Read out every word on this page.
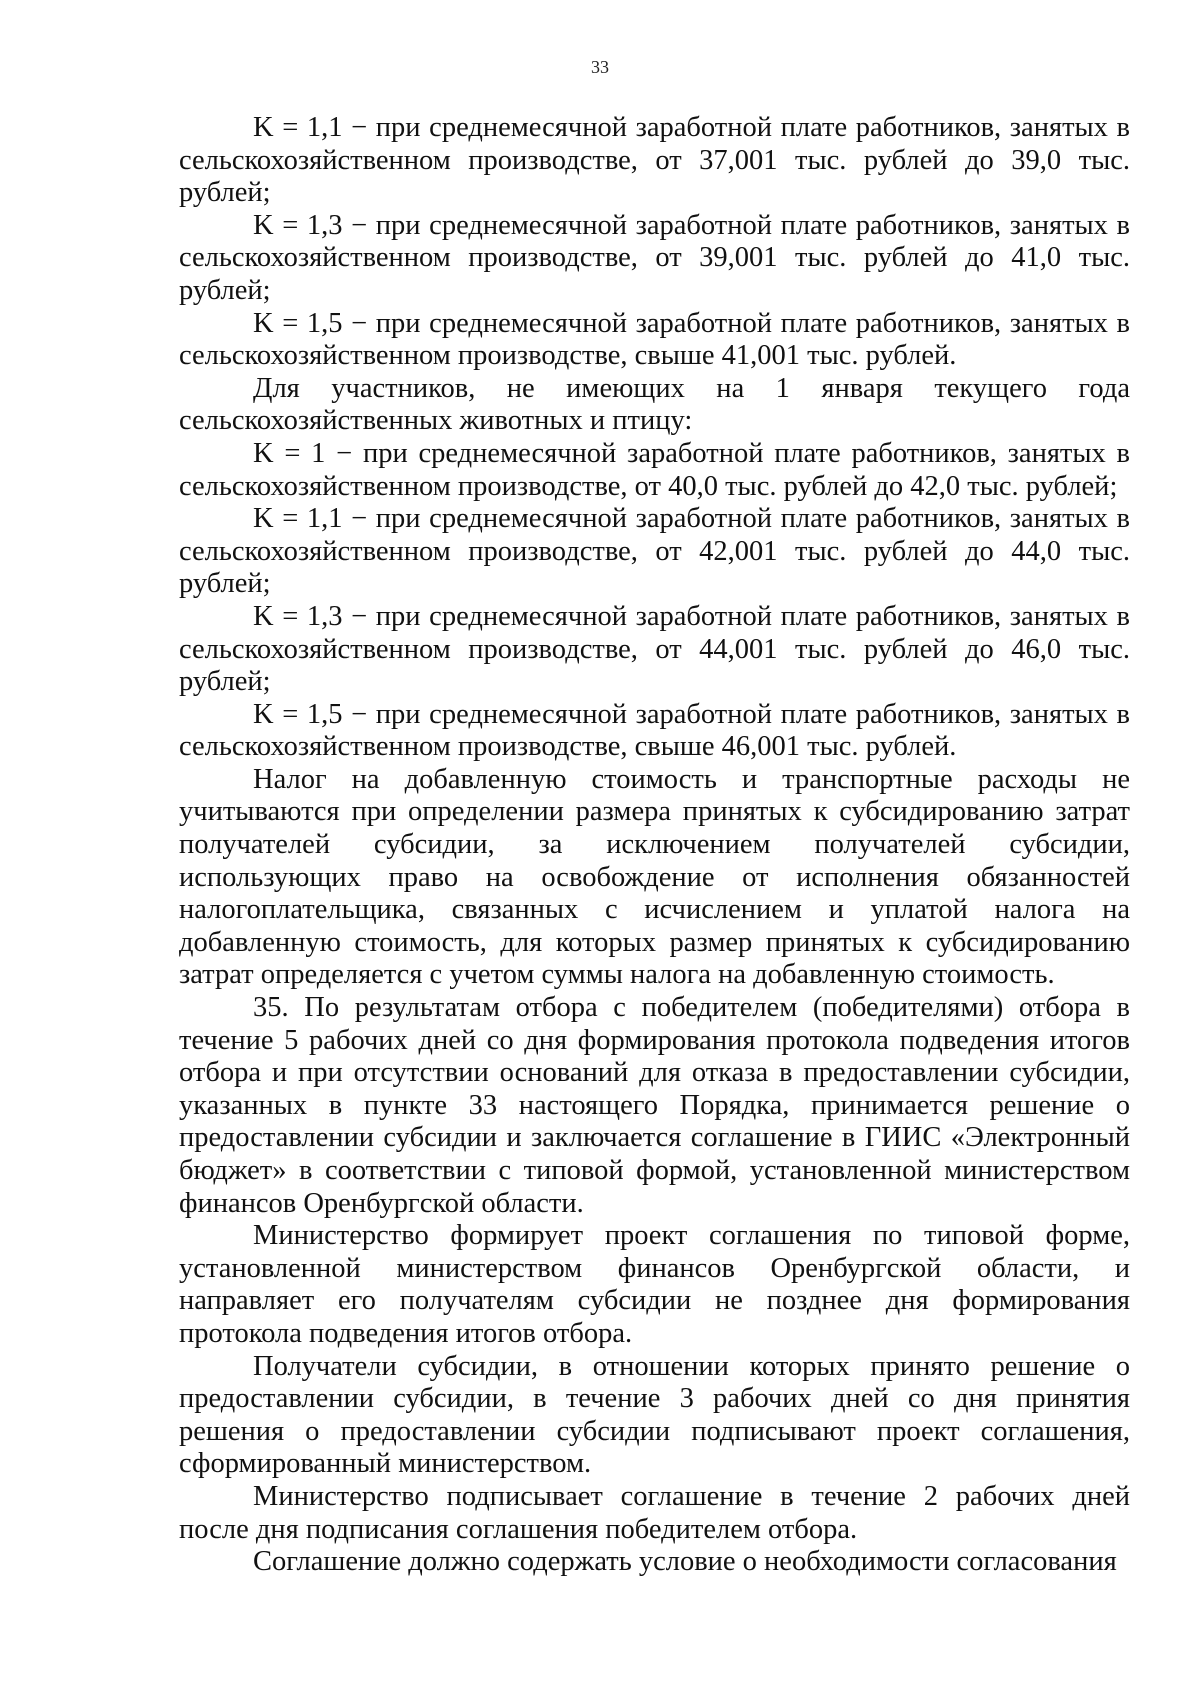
33

K = 1,1 − при среднемесячной заработной плате работников, занятых в сельскохозяйственном производстве, от 37,001 тыс. рублей до 39,0 тыс. рублей;

K = 1,3 − при среднемесячной заработной плате работников, занятых в сельскохозяйственном производстве, от 39,001 тыс. рублей до 41,0 тыс. рублей;

K = 1,5 − при среднемесячной заработной плате работников, занятых в сельскохозяйственном производстве, свыше 41,001 тыс. рублей.

Для участников, не имеющих на 1 января текущего года сельскохозяйственных животных и птицу:

K = 1 − при среднемесячной заработной плате работников, занятых в сельскохозяйственном производстве, от 40,0 тыс. рублей до 42,0 тыс. рублей;

K = 1,1 − при среднемесячной заработной плате работников, занятых в сельскохозяйственном производстве, от 42,001 тыс. рублей до 44,0 тыс. рублей;

K = 1,3 − при среднемесячной заработной плате работников, занятых в сельскохозяйственном производстве, от 44,001 тыс. рублей до 46,0 тыс. рублей;

K = 1,5 − при среднемесячной заработной плате работников, занятых в сельскохозяйственном производстве, свыше 46,001 тыс. рублей.

Налог на добавленную стоимость и транспортные расходы не учитываются при определении размера принятых к субсидированию затрат получателей субсидии, за исключением получателей субсидии, использующих право на освобождение от исполнения обязанностей налогоплательщика, связанных с исчислением и уплатой налога на добавленную стоимость, для которых размер принятых к субсидированию затрат определяется с учетом суммы налога на добавленную стоимость.

35. По результатам отбора с победителем (победителями) отбора в течение 5 рабочих дней со дня формирования протокола подведения итогов отбора и при отсутствии оснований для отказа в предоставлении субсидии, указанных в пункте 33 настоящего Порядка, принимается решение о предоставлении субсидии и заключается соглашение в ГИИС «Электронный бюджет» в соответствии с типовой формой, установленной министерством финансов Оренбургской области.

Министерство формирует проект соглашения по типовой форме, установленной министерством финансов Оренбургской области, и направляет его получателям субсидии не позднее дня формирования протокола подведения итогов отбора.

Получатели субсидии, в отношении которых принято решение о предоставлении субсидии, в течение 3 рабочих дней со дня принятия решения о предоставлении субсидии подписывают проект соглашения, сформированный министерством.

Министерство подписывает соглашение в течение 2 рабочих дней после дня подписания соглашения победителем отбора.

Соглашение должно содержать условие о необходимости согласования
